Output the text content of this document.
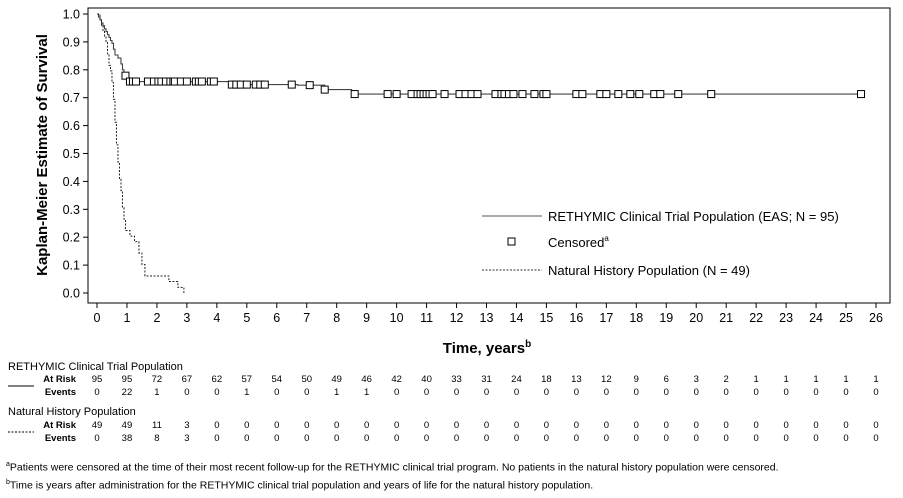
0.0
0.1
0.2
0.3
0.4
0.5
0.6
0.7
0.8
0.9
1.0
0 1 2 3 4 5 6 7 8 9 10 11 12 13 14 15 16 17 18 19 20 21 22 23 24 25 26
Kaplan-Meier Estimate of Survival
Time, years$^b$
RETHYMIC Clinical Trial Population (EAS; N = 95)
Censored$^a$
Natural History Population (N = 49)
At Risk
Events
95
0
95
22
72
1
67
0
62
0
57
1
54
0
50
0
49
1
46
1
42
0
40
0
33
0
31
0
24
0
18
0
13
0
12
0
9
0
6
0
3
0
2
0
1
0
1
0
1
0
1
0
1
0
At Risk
Events
49
0
49
38
11
8
3
3
0
0
0
0
0
0
0
0
0
0
0
0
0
0
0
0
0
0
0
0
0
0
0
0
0
0
0
0
0
0
0
0
0
0
0
0
0
0
0
0
0
0
0
0
0
0
RETHYMIC Clinical Trial Population
Natural History Population
$^a$Patients were censored at the time of their most recent follow-up for the RETHYMIC clinical trial program. No patients in the natural history population were censored.
$^b$Time is years after administration for the RETHYMIC clinical trial population and years of life for the natural history population.
